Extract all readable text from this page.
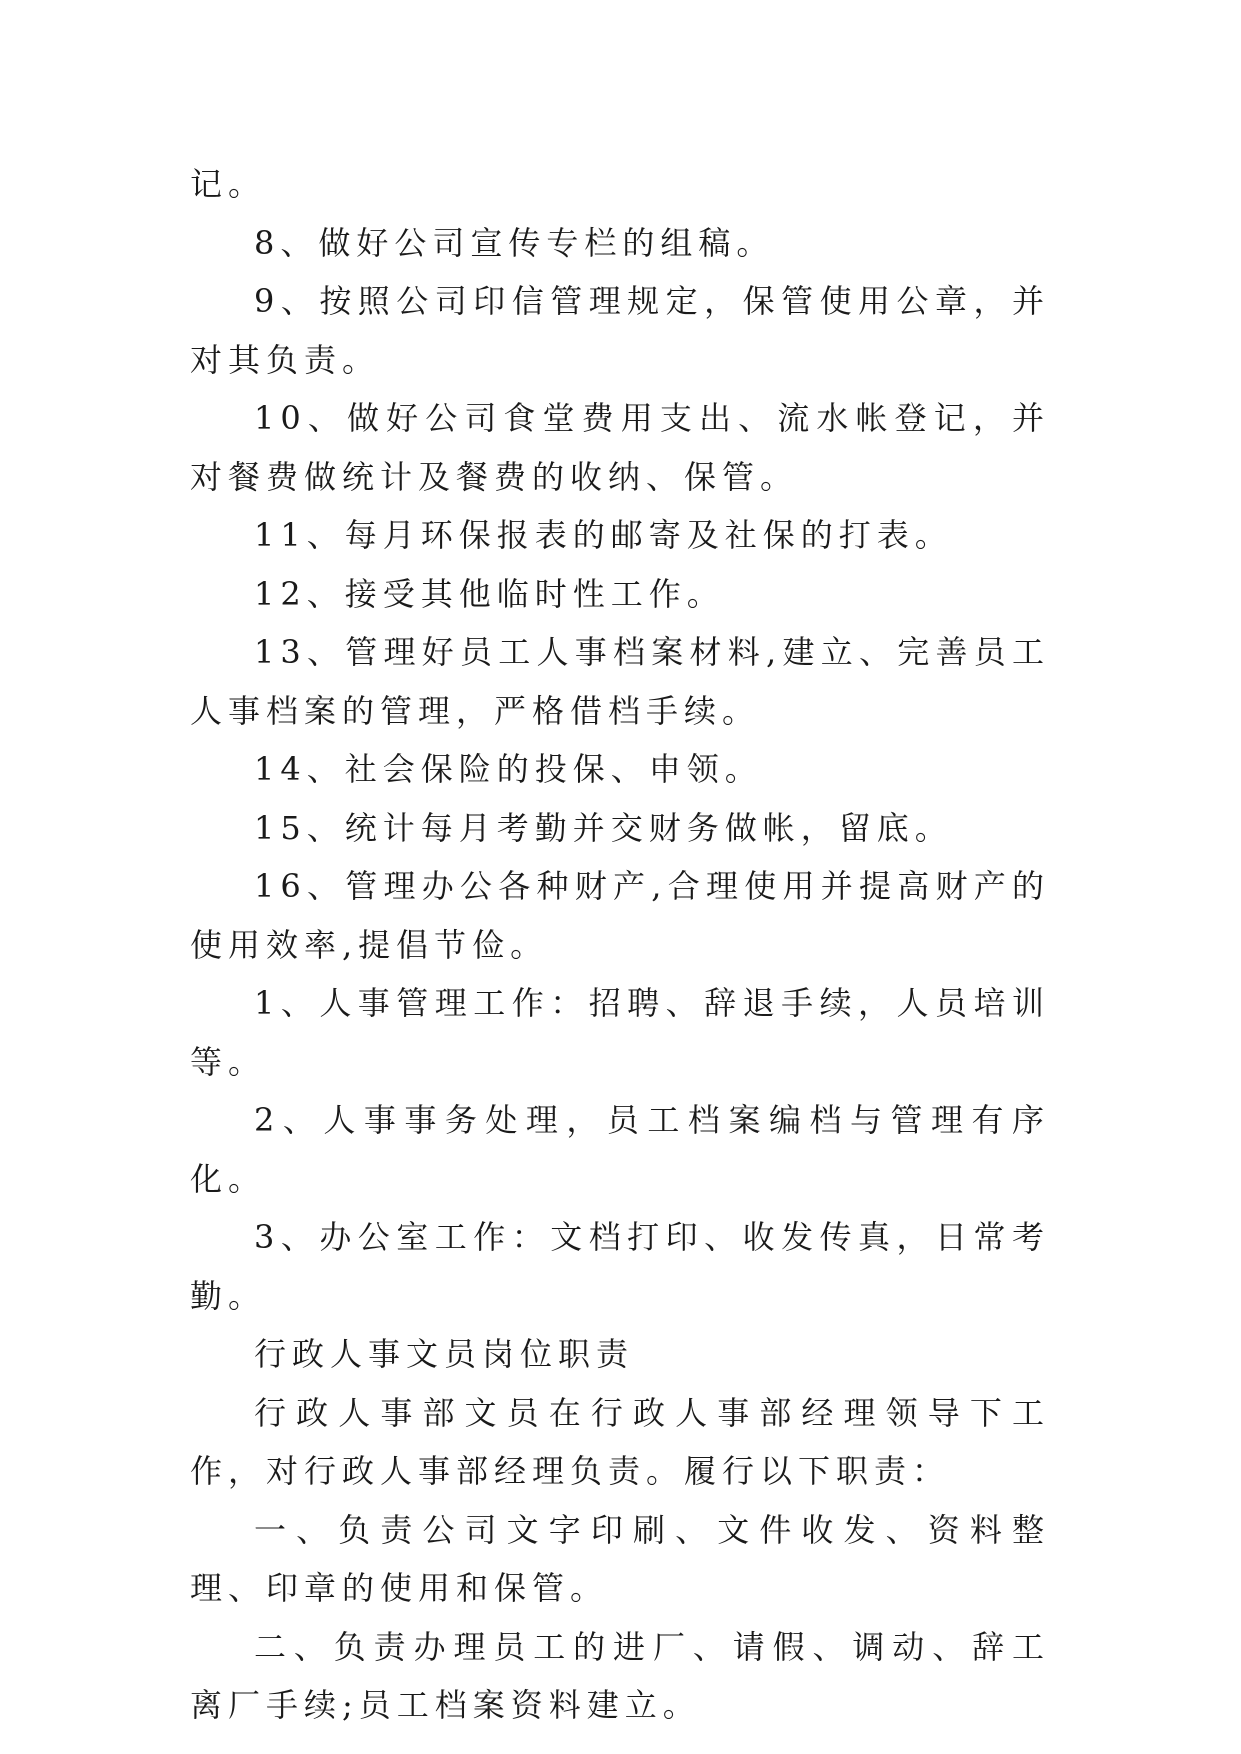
记。

8、做好公司宣传专栏的组稿。

9、按照公司印信管理规定，保管使用公章，并对其负责。

10、做好公司食堂费用支出、流水帐登记，并对餐费做统计及餐费的收纳、保管。

11、每月环保报表的邮寄及社保的打表。

12、接受其他临时性工作。

13、管理好员工人事档案材料,建立、完善员工人事档案的管理，严格借档手续。

14、社会保险的投保、申领。

15、统计每月考勤并交财务做帐，留底。

16、管理办公各种财产,合理使用并提高财产的使用效率,提倡节俭。

1、人事管理工作：招聘、辞退手续，人员培训等。

2、人事事务处理，员工档案编档与管理有序化。

3、办公室工作：文档打印、收发传真，日常考勤。

行政人事文员岗位职责

行政人事部文员在行政人事部经理领导下工作，对行政人事部经理负责。履行以下职责：

一、负责公司文字印刷、文件收发、资料整理、印章的使用和保管。

二、负责办理员工的进厂、请假、调动、辞工离厂手续;员工档案资料建立。
